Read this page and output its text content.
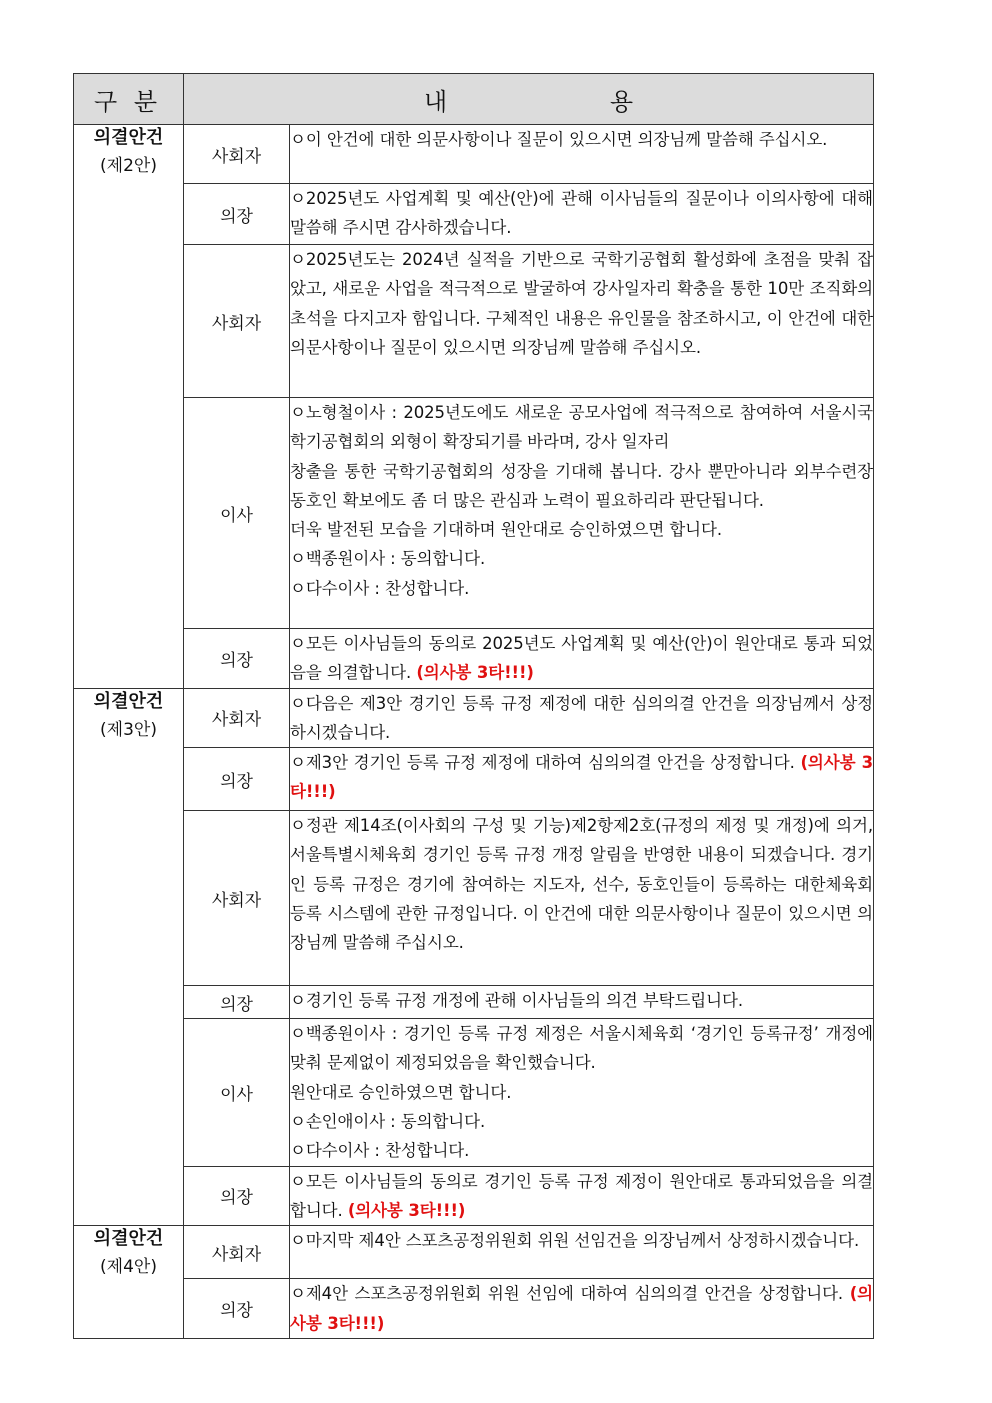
구 분	내 용	

의결안건
(제2안)	사회자	ㅇ이 안건에 대한 의문사항이나 질문이 있으시면 의장님께 말씀해 주십시오.

	의장	ㅇ2025년도 사업계획 및 예산(안)에 관해 이사님들의 질문이나 이의사항에 대해 말씀해 주시면 감사하겠습니다.

	사회자	ㅇ2025년도는 2024년 실적을 기반으로 국학기공협회 활성화에 초점을 맞춰 잡았고, 새로운 사업을 적극적으로 발굴하여 강사일자리 확충을 통한 10만 조직화의 초석을 다지고자 함입니다. 구체적인 내용은 유인물을 참조하시고, 이 안건에 대한 의문사항이나 질문이 있으시면 의장님께 말씀해 주십시오.

	이사	ㅇ노형철이사 : 2025년도에도 새로운 공모사업에 적극적으로 참여하여 서울시국학기공협회의 외형이 확장되기를 바라며, 강사 일자리

창출을 통한 국학기공협회의 성장을 기대해 봅니다. 강사 뿐만아니라 외부수련장 동호인 확보에도 좀 더 많은 관심과 노력이 필요하리라 판단됩니다.

더욱 발전된 모습을 기대하며 원안대로 승인하였으면 합니다.

ㅇ백종원이사 : 동의합니다.

ㅇ다수이사 : 찬성합니다.

	의장	ㅇ모든 이사님들의 동의로 2025년도 사업계획 및 예산(안)이 원안대로 통과 되었음을 의결합니다. (의사봉 3타!!!)

의결안건
(제3안)	사회자	ㅇ다음은 제3안 경기인 등록 규정 제정에 대한 심의의결 안건을 의장님께서 상정하시겠습니다.

	의장	ㅇ제3안 경기인 등록 규정 제정에 대하여 심의의결 안건을 상정합니다. (의사봉 3타!!!)

	사회자	ㅇ정관 제14조(이사회의 구성 및 기능)제2항제2호(규정의 제정 및 개정)에 의거, 서울특별시체육회 경기인 등록 규정 개정 알림을 반영한 내용이 되겠습니다. 경기인 등록 규정은 경기에 참여하는 지도자, 선수, 동호인들이 등록하는 대한체육회 등록 시스템에 관한 규정입니다. 이 안건에 대한 의문사항이나 질문이 있으시면 의장님께 말씀해 주십시오.

	의장	ㅇ경기인 등록 규정 개정에 관해 이사님들의 의견 부탁드립니다.

	이사	ㅇ백종원이사 : 경기인 등록 규정 제정은 서울시체육회 ‘경기인 등록규정’ 개정에 맞춰 문제없이 제정되었음을 확인했습니다.

원안대로 승인하였으면 합니다.

ㅇ손인애이사 : 동의합니다.

ㅇ다수이사 : 찬성합니다.

	의장	ㅇ모든 이사님들의 동의로 경기인 등록 규정 제정이 원안대로 통과되었음을 의결합니다. (의사봉 3타!!!)

의결안건
(제4안)	사회자	ㅇ마지막 제4안 스포츠공정위원회 위원 선임건을 의장님께서 상정하시겠습니다.

	의장	ㅇ제4안 스포츠공정위원회 위원 선임에 대하여 심의의결 안건을 상정합니다. (의사봉 3타!!!)
